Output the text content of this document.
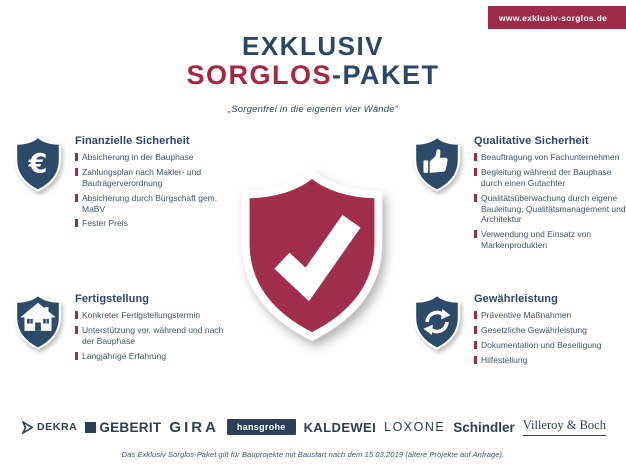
www.exklusiv-sorglos.de
EXKLUSIV
SORGLOS-PAKET
„Sorgenfrei in die eigenen vier Wände“
€
Finanzielle Sicherheit
Absicherung in der Bauphase
Zahlungsplan nach Makler- und Bauträgerverordnung
Absicherung durch Bürgschaft gem. MaBV
Fester Preis
Qualitative Sicherheit
Beauftragung von Fachunternehmen
Begleitung während der Bauphase durch einen Gutachter
Qualitätsüberwachung durch eigene Bauleitung, Qualitätsmanagement und Architektur
Verwendung und Einsatz von Markenprodukten
Fertigstellung
Konkreter Fertigstellungstermin
Unterstützung vor, während und nach der Bauphase
Langjährige Erfahrung
Gewährleistung
Präventive Maßnahmen
Gesetzliche Gewährleistung
Dokumentation und Beseitigung
Hilfestellung
DEKRA GEBERIT GIRA hansgrohe KALDEWEI LOXONE Schindler Villeroy & Boch
Das Exklusiv Sorglos-Paket gilt für Bauprojekte mit Baustart nach dem 15.03.2019 (ältere Projekte auf Anfrage).
